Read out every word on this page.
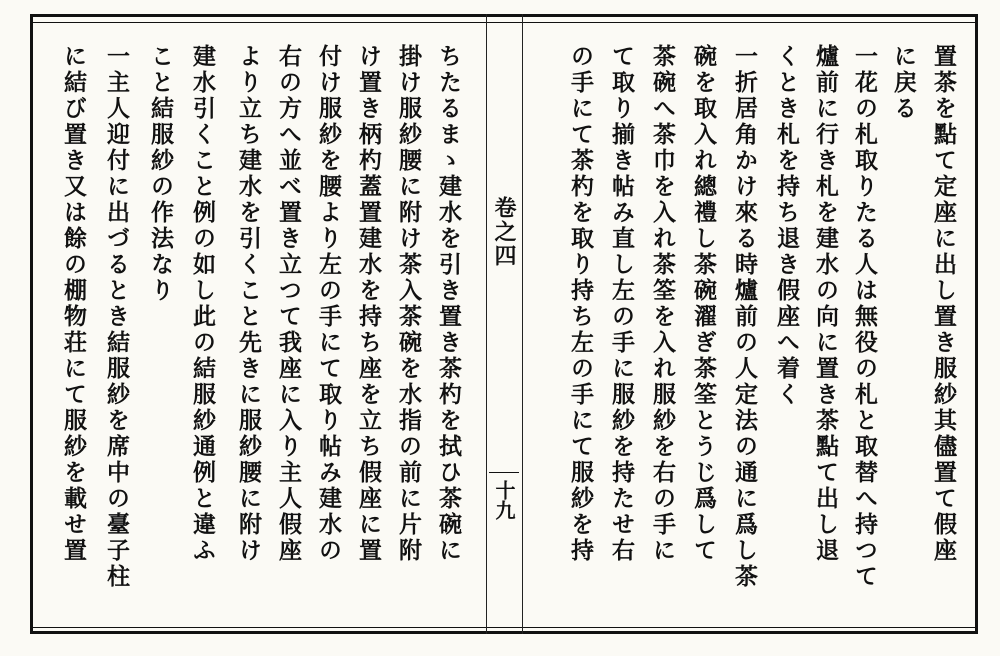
置茶を點て定座に出し置き服紗其儘置て假座
に戻る
一花の札取りたる人は無役の札と取替へ持つて
爐前に行き札を建水の向に置き茶點て出し退
くとき札を持ち退き假座へ着く
一折居角かけ來る時爐前の人定法の通に爲し茶
碗を取入れ總禮し茶碗濯ぎ茶筌とうじ爲して
茶碗へ茶巾を入れ茶筌を入れ服紗を右の手に
て取り揃き帖み直し左の手に服紗を持たせ右
の手にて茶杓を取り持ち左の手にて服紗を持
卷之四
十九
ちたるまゝ建水を引き置き茶杓を拭ひ茶碗に
掛け服紗腰に附け茶入茶碗を水指の前に片附
け置き柄杓蓋置建水を持ち座を立ち假座に置
付け服紗を腰より左の手にて取り帖み建水の
右の方へ並べ置き立つて我座に入り主人假座
より立ち建水を引くこと先きに服紗腰に附け
建水引くこと例の如し此の結服紗通例と違ふ
こと結服紗の作法なり
一主人迎付に出づるとき結服紗を席中の臺子柱
に結び置き又は餘の棚物荘にて服紗を載せ置
